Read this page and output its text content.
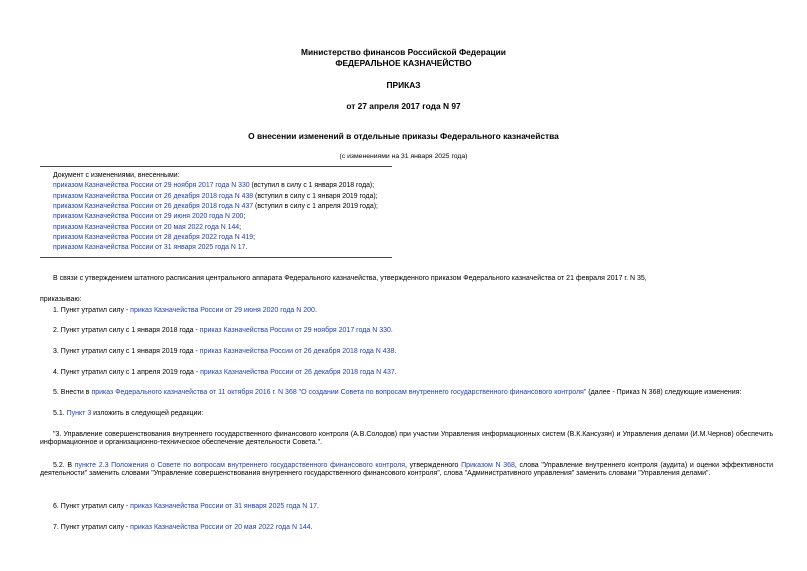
Министерство финансов Российской Федерации
ФЕДЕРАЛЬНОЕ КАЗНАЧЕЙСТВО
ПРИКАЗ
от 27 апреля 2017 года N 97
О внесении изменений в отдельные приказы Федерального казначейства
(с изменениями на 31 января 2025 года)
Документ с изменениями, внесенными:
приказом Казначейства России от 29 ноября 2017 года N 330 (вступил в силу с 1 января 2018 года);
приказом Казначейства России от 26 декабря 2018 года N 438 (вступил в силу с 1 января 2019 года);
приказом Казначейства России от 26 декабря 2018 года N 437 (вступил в силу с 1 апреля 2019 года);
приказом Казначейства России от 29 июня 2020 года N 200;
приказом Казначейства России от 20 мая 2022 года N 144;
приказом Казначейства России от 28 декабря 2022 года N 419;
приказом Казначейства России от 31 января 2025 года N 17.
В связи с утверждением штатного расписания центрального аппарата Федерального казначейства, утвержденного приказом Федерального казначейства от 21 февраля 2017 г. N 35,
приказываю:
1. Пункт утратил силу - приказ Казначейства России от 29 июня 2020 года N 200.
2. Пункт утратил силу с 1 января 2018 года - приказ Казначейства России от 29 ноября 2017 года N 330.
3. Пункт утратил силу с 1 января 2019 года - приказ Казначейства России от 26 декабря 2018 года N 438.
4. Пункт утратил силу с 1 апреля 2019 года - приказ Казначейства России от 26 декабря 2018 года N 437.
5. Внести в приказ Федерального казначейства от 11 октября 2016 г. N 368 "О создании Совета по вопросам внутреннего государственного финансового контроля" (далее - Приказ N 368) следующие изменения:
5.1. Пункт 3 изложить в следующей редакции:
"3. Управление совершенствования внутреннего государственного финансового контроля (А.В.Солодов) при участии Управления информационных систем (В.К.Кансузян) и Управления делами (И.М.Чернов) обеспечить информационное и организационно-техническое обеспечение деятельности Совета.".
5.2. В пункте 2.3 Положения о Совете по вопросам внутреннего государственного финансового контроля, утвержденного Приказом N 368, слова "Управление внутреннего контроля (аудита) и оценки эффективности деятельности" заменить словами "Управление совершенствования внутреннего государственного финансового контроля", слова "Административного управления" заменить словами "Управления делами".
6. Пункт утратил силу - приказ Казначейства России от 31 января 2025 года N 17.
7. Пункт утратил силу - приказ Казначейства России от 20 мая 2022 года N 144.
